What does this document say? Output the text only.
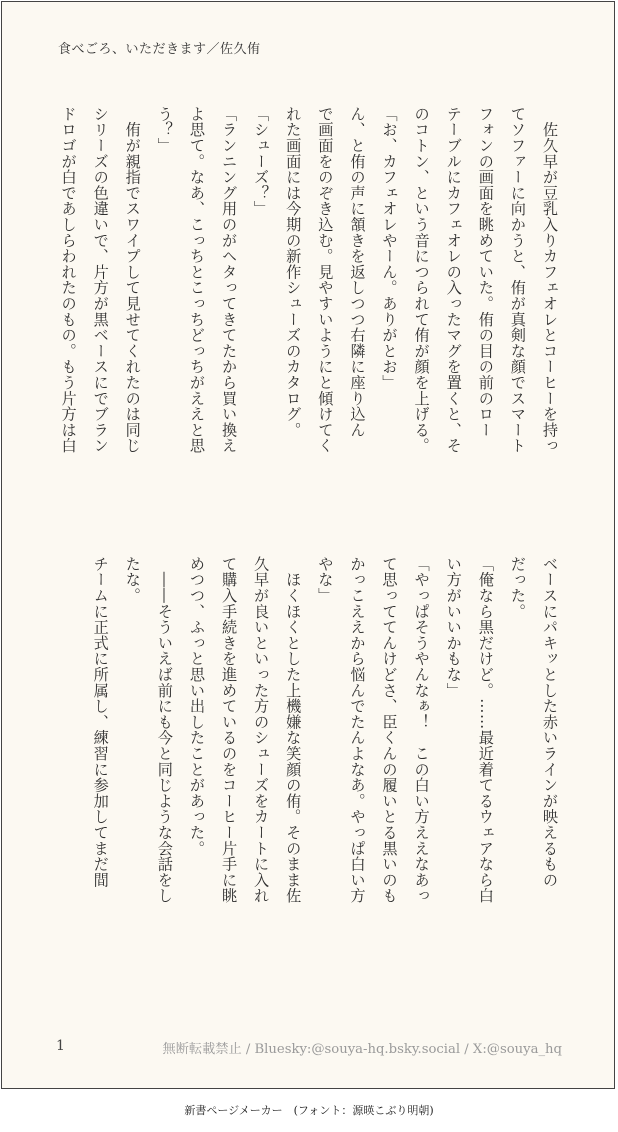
食べごろ、いただきます／佐久侑

　佐久早が豆乳入りカフェオレとコーヒーを持っ

てソファーに向かうと、侑が真剣な顔でスマート

フォンの画面を眺めていた。侑の目の前のロー

テーブルにカフェオレの入ったマグを置くと、そ

のコトン、という音につられて侑が顔を上げる。

「お、カフェオレやーん。ありがとお」

ん、と侑の声に頷きを返しつつ右隣に座り込ん

で画面をのぞき込む。見やすいようにと傾けてく

れた画面には今期の新作シューズのカタログ。

「シューズ？」

「ランニング用のがヘタってきてたから買い換え

よ思て。なあ、こっちとこっちどっちがええと思

う？」

　侑が親指でスワイプして見せてくれたのは同じ

シリーズの色違いで、片方が黒ベースにでブラン

ドロゴが白であしらわれたのもの。もう片方は白

ベースにパキッとした赤いラインが映えるもの

だった。

「俺なら黒だけど。……最近着てるウェアなら白

い方がいいかもな」

「やっぱそうやんなぁ！　この白い方ええなあっ

て思っててんけどさ、臣くんの履いとる黒いのも

かっこええから悩んでたんよなあ。やっぱ白い方

やな」

　ほくほくとした上機嫌な笑顔の侑。そのまま佐

久早が良いといった方のシューズをカートに入れ

て購入手続きを進めているのをコーヒー片手に眺

めつつ、ふっと思い出したことがあった。

　――そういえば前にも今と同じような会話をし

たな。

チームに正式に所属し、練習に参加してまだ間

1	無断転載禁止 / Bluesky:@souya-hq.bsky.social / X:@souya_hq
新書ページメーカー　(フォント：源暎こぶり明朝)
